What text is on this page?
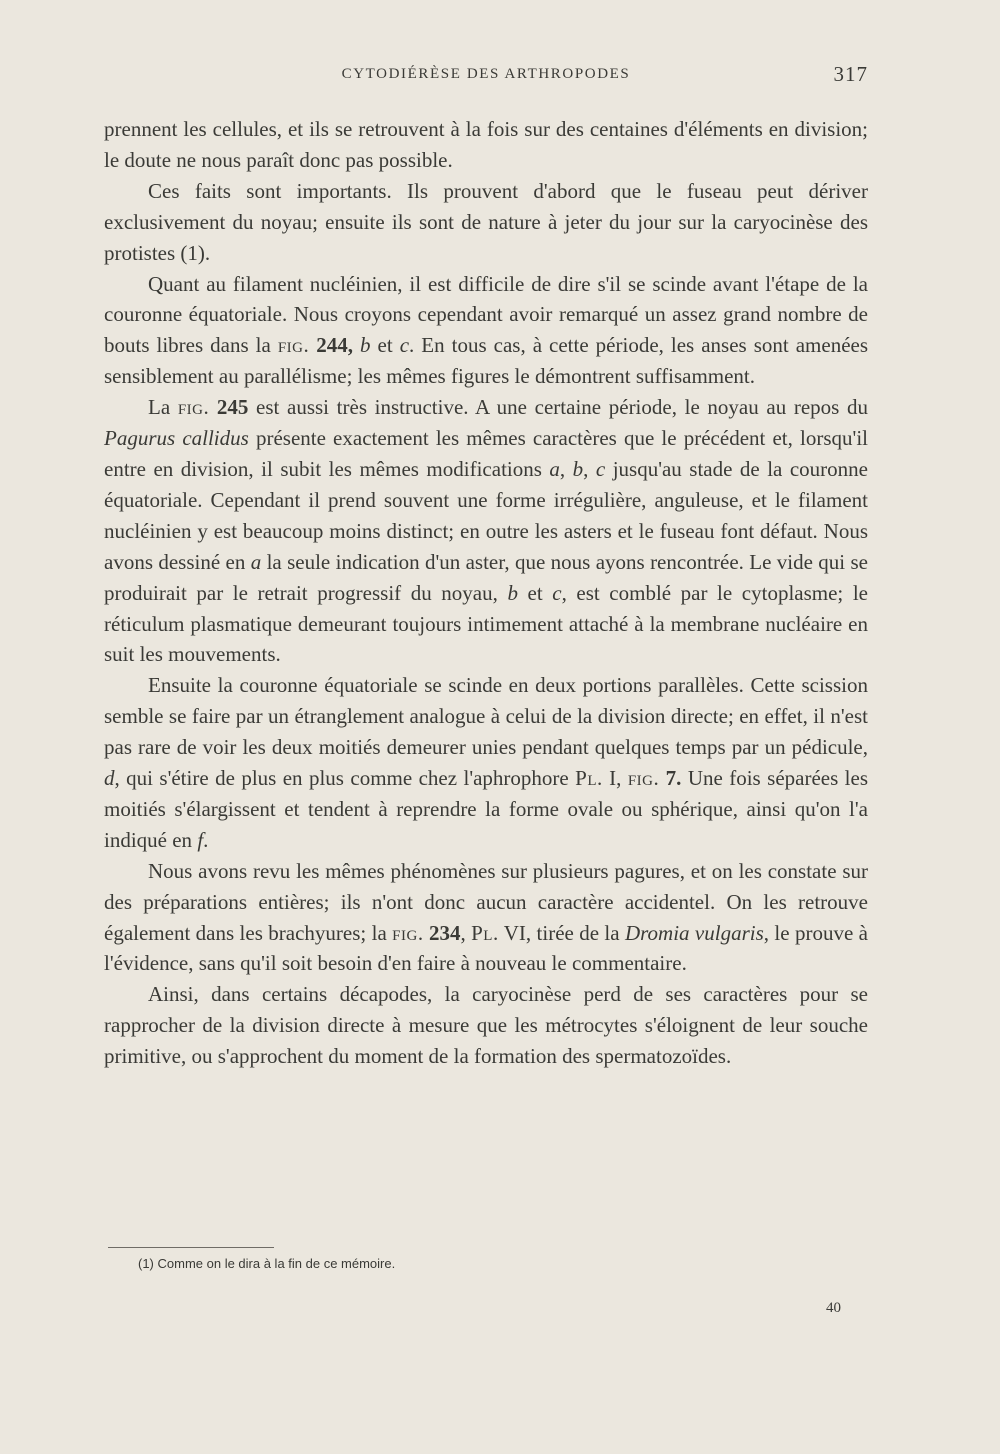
CYTODIÉRÈSE DES ARTHROPODES	317

prennent les cellules, et ils se retrouvent à la fois sur des centaines d'éléments en division; le doute ne nous paraît donc pas possible.

Ces faits sont importants. Ils prouvent d'abord que le fuseau peut dériver exclusivement du noyau; ensuite ils sont de nature à jeter du jour sur la caryocinèse des protistes (1).

Quant au filament nucléinien, il est difficile de dire s'il se scinde avant l'étape de la couronne équatoriale. Nous croyons cependant avoir remarqué un assez grand nombre de bouts libres dans la fig. 244, b et c. En tous cas, à cette période, les anses sont amenées sensiblement au parallélisme; les mêmes figures le démontrent suffisamment.

La fig. 245 est aussi très instructive. A une certaine période, le noyau au repos du Pagurus callidus présente exactement les mêmes caractères que le précédent et, lorsqu'il entre en division, il subit les mêmes modifications a, b, c jusqu'au stade de la couronne équatoriale. Cependant il prend souvent une forme irrégulière, anguleuse, et le filament nucléinien y est beaucoup moins distinct; en outre les asters et le fuseau font défaut. Nous avons dessiné en a la seule indication d'un aster, que nous ayons rencontrée. Le vide qui se produirait par le retrait progressif du noyau, b et c, est comblé par le cytoplasme; le réticulum plasmatique demeurant toujours intimement attaché à la membrane nucléaire en suit les mouvements.

Ensuite la couronne équatoriale se scinde en deux portions parallèles. Cette scission semble se faire par un étranglement analogue à celui de la division directe; en effet, il n'est pas rare de voir les deux moitiés demeurer unies pendant quelques temps par un pédicule, d, qui s'étire de plus en plus comme chez l'aphrophore Pl. I, fig. 7. Une fois séparées les moitiés s'élargissent et tendent à reprendre la forme ovale ou sphérique, ainsi qu'on l'a indiqué en f.

Nous avons revu les mêmes phénomènes sur plusieurs pagures, et on les constate sur des préparations entières; ils n'ont donc aucun caractère accidentel. On les retrouve également dans les brachyures; la fig. 234, Pl. VI, tirée de la Dromia vulgaris, le prouve à l'évidence, sans qu'il soit besoin d'en faire à nouveau le commentaire.

Ainsi, dans certains décapodes, la caryocinèse perd de ses caractères pour se rapprocher de la division directe à mesure que les métrocytes s'éloignent de leur souche primitive, ou s'approchent du moment de la formation des spermatozoïdes.

(1) Comme on le dira à la fin de ce mémoire.
40
